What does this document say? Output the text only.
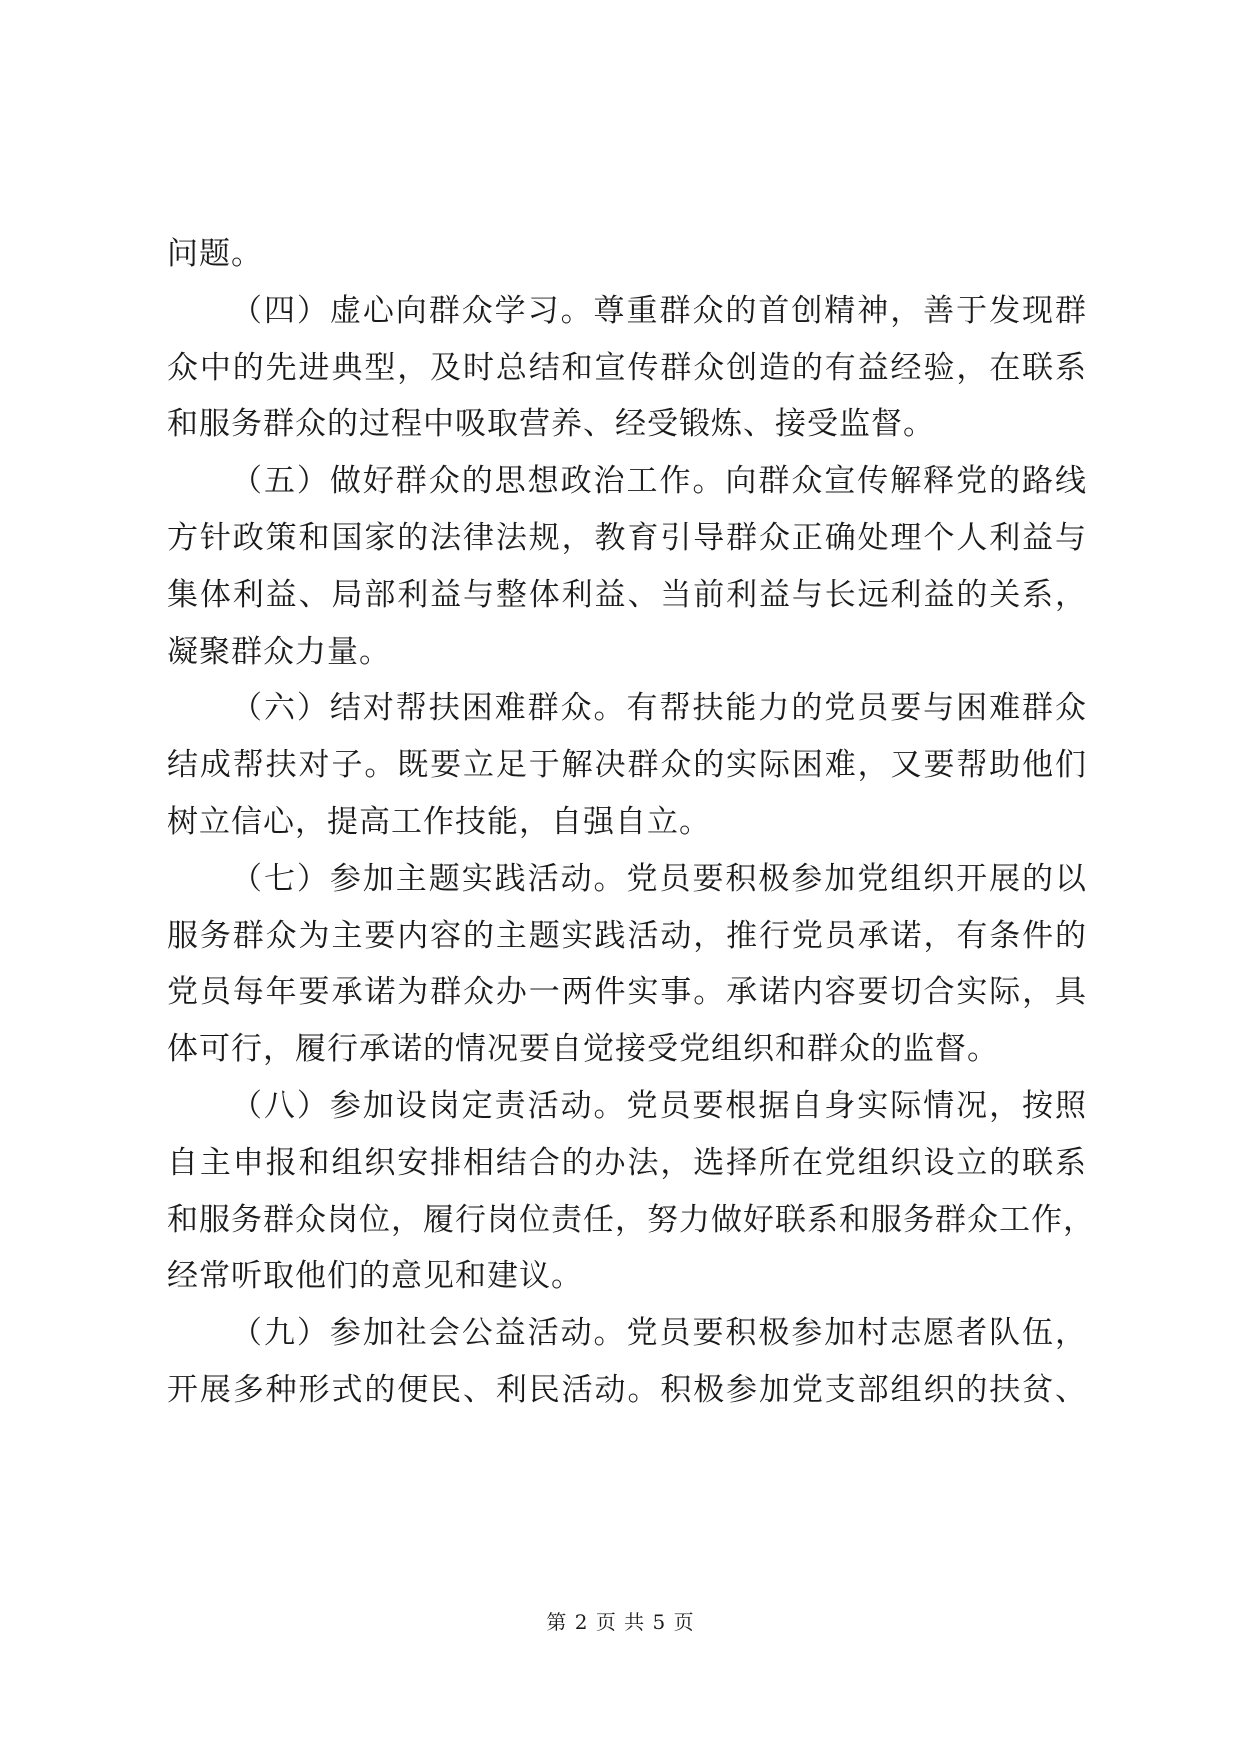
问题。
（四）虚心向群众学习。尊重群众的首创精神，善于发现群
众中的先进典型，及时总结和宣传群众创造的有益经验，在联系
和服务群众的过程中吸取营养、经受锻炼、接受监督。
（五）做好群众的思想政治工作。向群众宣传解释党的路线
方针政策和国家的法律法规，教育引导群众正确处理个人利益与
集体利益、局部利益与整体利益、当前利益与长远利益的关系，
凝聚群众力量。
（六）结对帮扶困难群众。有帮扶能力的党员要与困难群众
结成帮扶对子。既要立足于解决群众的实际困难，又要帮助他们
树立信心，提高工作技能，自强自立。
（七）参加主题实践活动。党员要积极参加党组织开展的以
服务群众为主要内容的主题实践活动，推行党员承诺，有条件的
党员每年要承诺为群众办一两件实事。承诺内容要切合实际，具
体可行，履行承诺的情况要自觉接受党组织和群众的监督。
（八）参加设岗定责活动。党员要根据自身实际情况，按照
自主申报和组织安排相结合的办法，选择所在党组织设立的联系
和服务群众岗位，履行岗位责任，努力做好联系和服务群众工作，
经常听取他们的意见和建议。
（九）参加社会公益活动。党员要积极参加村志愿者队伍，
开展多种形式的便民、利民活动。积极参加党支部组织的扶贫、
第 2 页 共 5 页
